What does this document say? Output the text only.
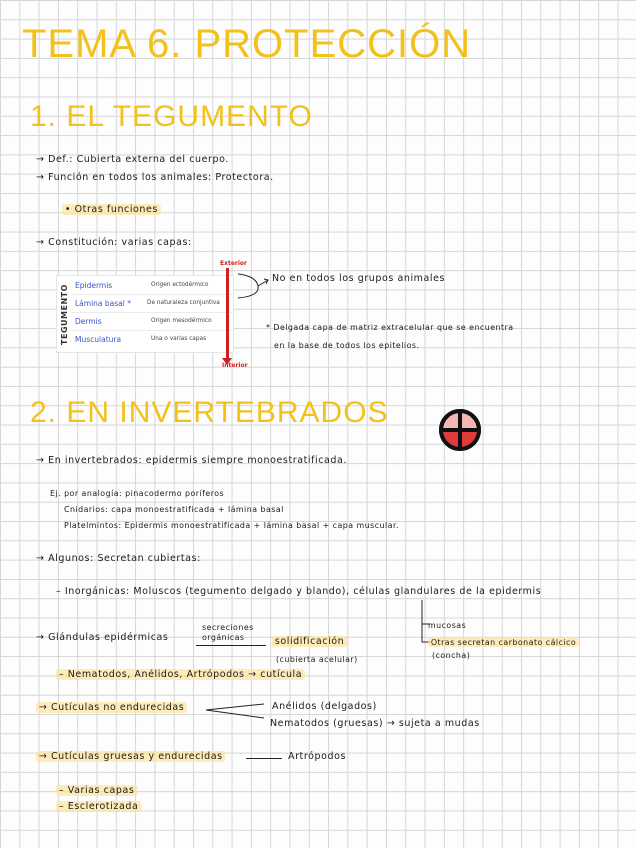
TEMA 6. PROTECCIÓN
1. EL TEGUMENTO
→ Def.: Cubierta externa del cuerpo.
→ Función en todos los animales: Protectora.
• Otras funciones
→ Constitución: varias capas:
TEGUMENTO Epidermis	Origen ectodérmico
Lámina basal *	De naturaleza conjuntiva
Dermis	Origen mesodérmico
Musculatura	Una o varias capas
Exterior
Interior
No en todos los grupos animales
* Delgada capa de matriz extracelular que se encuentra
en la base de todos los epitelios.
2. EN INVERTEBRADOS
→ En invertebrados: epidermis siempre monoestratificada.
Ej. por analogía: pinacodermo poríferos
Cnidarios: capa monoestratificada + lámina basal
Platelmintos: Epidermis monoestratificada + lámina basal + capa muscular.
→ Algunos: Secretan cubiertas:
– Inorgánicas: Moluscos (tegumento delgado y blando), células glandulares de la epidermis
mucosas
Otras secretan carbonato cálcico
(concha)
→ Glándulas epidérmicas
secreciones
orgánicas	solidificación
(cubierta acelular)
– Nematodos, Anélidos, Artrópodos → cutícula
→ Cutículas no endurecidas	Anélidos (delgados)
Nematodos (gruesas) → sujeta a mudas
→ Cutículas gruesas y endurecidas	Artrópodos
– Varias capas
– Esclerotizada
